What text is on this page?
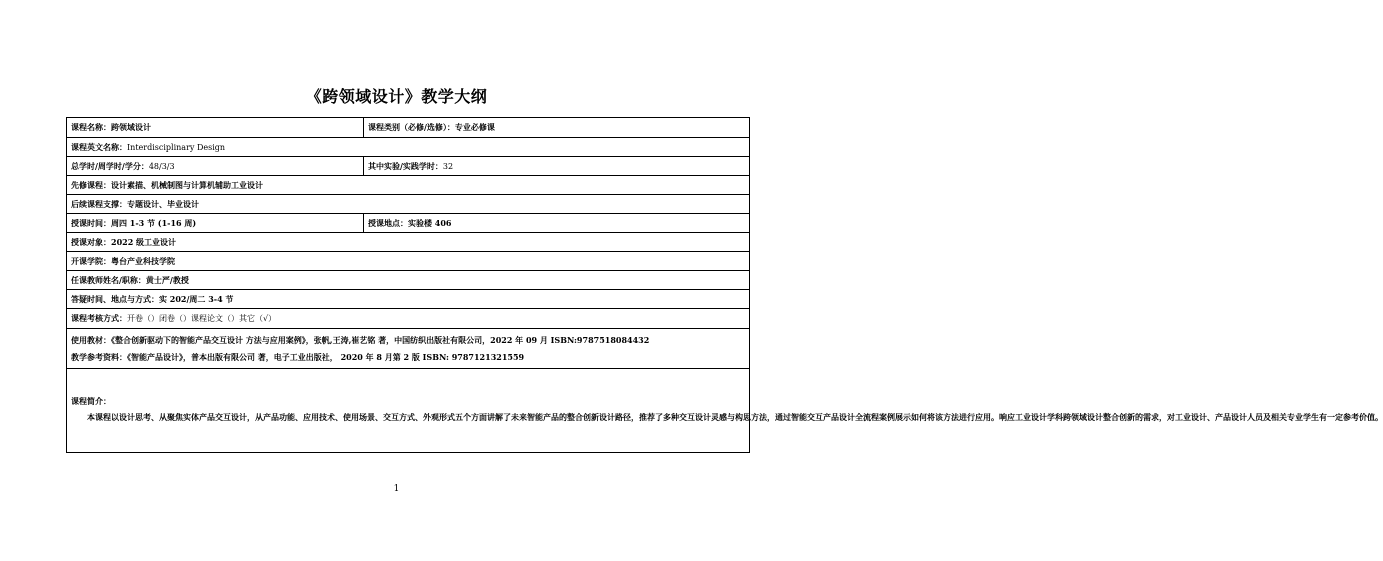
《跨领域设计》教学大纲
课程名称：跨领域设计	课程类别（必修/选修）：专业必修课
课程英文名称：Interdisciplinary Design	
总学时/周学时/学分：48/3/3	其中实验/实践学时：32
先修课程：设计素描、机械制图与计算机辅助工业设计	
后续课程支撑：专题设计、毕业设计	
授课时间：周四 1-3 节 (1-16 周)	授课地点：实验楼 406
授课对象：2022 级工业设计	
开课学院：粤台产业科技学院	
任课教师姓名/职称：黄士严/教授	
答疑时间、地点与方式：实 202/周二 3-4 节	
课程考核方式：开卷（）闭卷（）课程论文（）其它（√）	

使用教材：《整合创新驱动下的智能产品交互设计 方法与应用案例》，张帆,王涛,崔艺铭 著，中国纺织出版社有限公司，2022 年 09 月 ISBN:9787518084432
教学参考资料：《智能产品设计》，普本出版有限公司 著，电子工业出版社， 2020 年 8 月第 2 版 ISBN: 9787121321559	

课程简介：
本课程以设计思考、从聚焦实体产品交互设计，从产品功能、应用技术、使用场景、交互方式、外观形式五个方面讲解了未来智能产品的整合创新设计路径，推荐了多种交互设计灵感与构思方法，通过智能交互产品设计全流程案例展示如何将该方法进行应用。响应工业设计学科跨领域设计整合创新的需求，对工业设计、产品设计人员及相关专业学生有一定参考价值。	
1
